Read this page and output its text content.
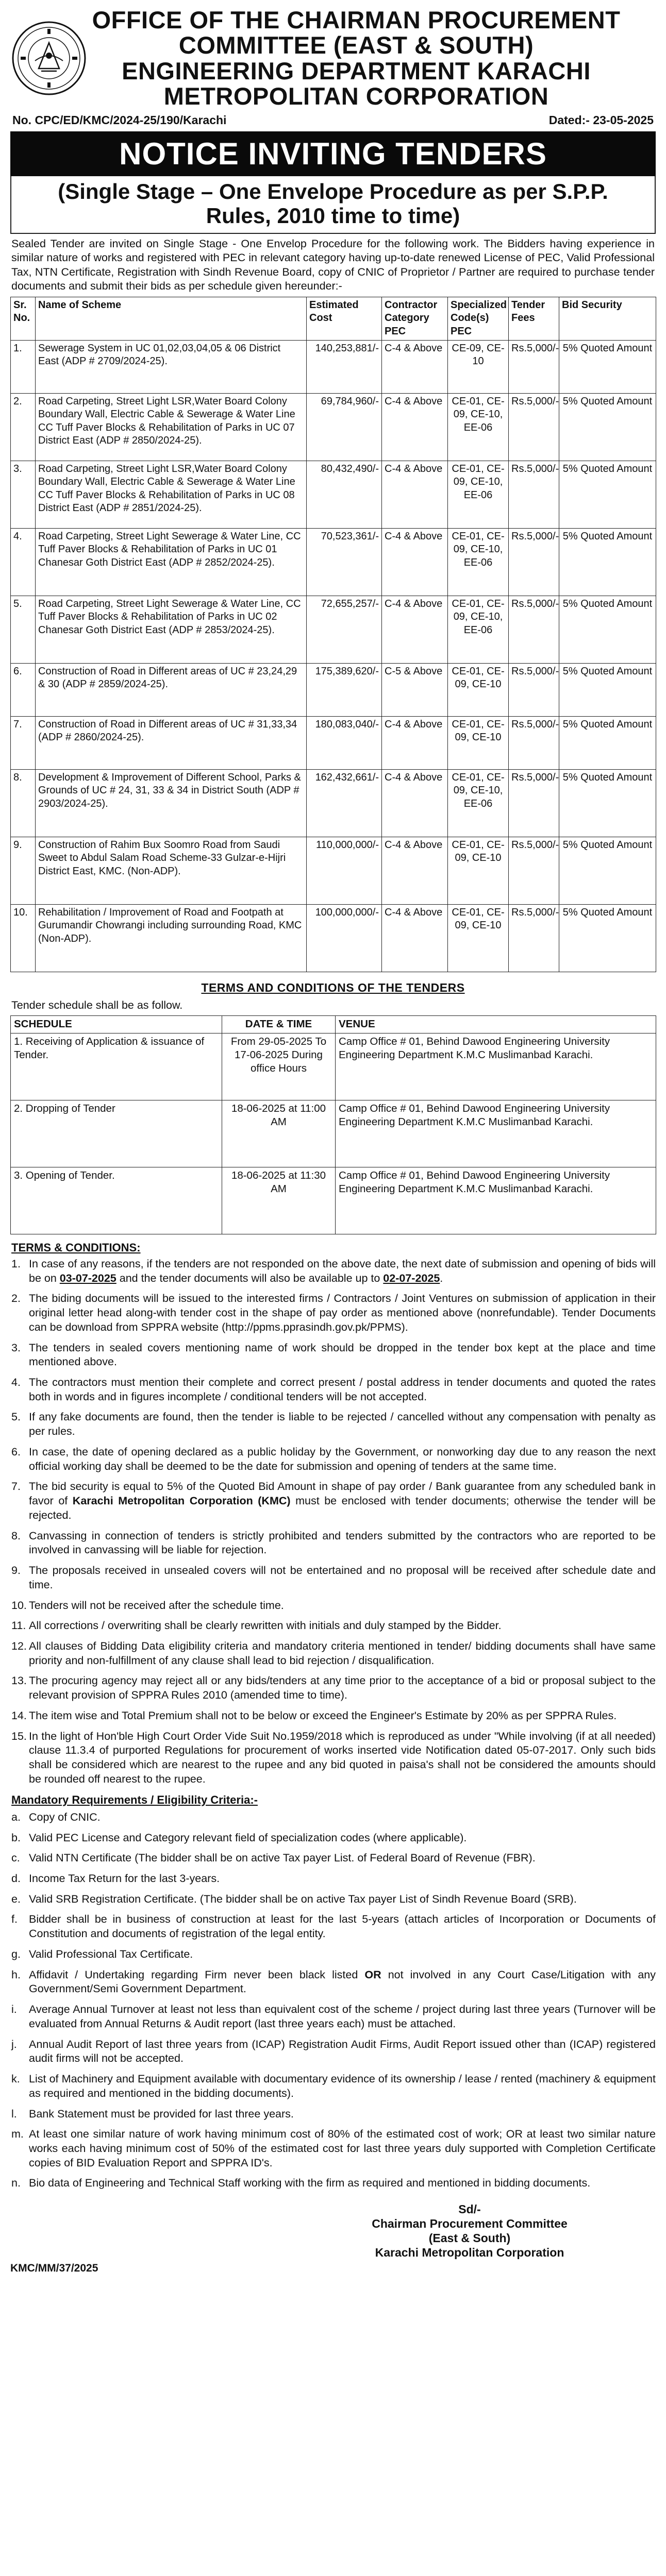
OFFICE OF THE CHAIRMAN PROCUREMENT
COMMITTEE (EAST & SOUTH)
ENGINEERING DEPARTMENT KARACHI
METROPOLITAN CORPORATION
No. CPC/ED/KMC/2024-25/190/Karachi	Dated:- 23-05-2025
NOTICE INVITING TENDERS
(Single Stage – One Envelope Procedure as per S.P.P.
Rules, 2010 time to time)

Sealed Tender are invited on Single Stage - One Envelop Procedure for the following work. The Bidders having experience in similar nature of works and registered with PEC in relevant category having up-to-date renewed License of PEC, Valid Professional Tax, NTN Certificate, Registration with Sindh Revenue Board, copy of CNIC of Proprietor / Partner are required to purchase tender documents and submit their bids as per schedule given hereunder:-

Sr. No.	Name of Scheme	Estimated Cost	Contractor Category PEC	Specialized Code(s) PEC	Tender Fees	Bid Security
1.	Sewerage System in UC 01,02,03,04,05 & 06 District East (ADP # 2709/2024-25).	140,253,881/-	C-4 & Above	CE-09, CE-10	Rs.5,000/-	5% Quoted Amount
2.	Road Carpeting, Street Light LSR,Water Board Colony Boundary Wall, Electric Cable & Sewerage & Water Line CC Tuff Paver Blocks & Rehabilitation of Parks in UC 07 District East (ADP # 2850/2024-25).	69,784,960/-	C-4 & Above	CE-01, CE-09, CE-10, EE-06	Rs.5,000/-	5% Quoted Amount
3.	Road Carpeting, Street Light LSR,Water Board Colony Boundary Wall, Electric Cable & Sewerage & Water Line CC Tuff Paver Blocks & Rehabilitation of Parks in UC 08 District East (ADP # 2851/2024-25).	80,432,490/-	C-4 & Above	CE-01, CE-09, CE-10, EE-06	Rs.5,000/-	5% Quoted Amount
4.	Road Carpeting, Street Light Sewerage & Water Line, CC Tuff Paver Blocks & Rehabilitation of Parks in UC 01 Chanesar Goth District East (ADP # 2852/2024-25).	70,523,361/-	C-4 & Above	CE-01, CE-09, CE-10, EE-06	Rs.5,000/-	5% Quoted Amount
5.	Road Carpeting, Street Light Sewerage & Water Line, CC Tuff Paver Blocks & Rehabilitation of Parks in UC 02 Chanesar Goth District East (ADP # 2853/2024-25).	72,655,257/-	C-4 & Above	CE-01, CE-09, CE-10, EE-06	Rs.5,000/-	5% Quoted Amount
6.	Construction of Road in Different areas of UC # 23,24,29 & 30 (ADP # 2859/2024-25).	175,389,620/-	C-5 & Above	CE-01, CE-09, CE-10	Rs.5,000/-	5% Quoted Amount
7.	Construction of Road in Different areas of UC # 31,33,34 (ADP # 2860/2024-25).	180,083,040/-	C-4 & Above	CE-01, CE-09, CE-10	Rs.5,000/-	5% Quoted Amount
8.	Development & Improvement of Different School, Parks & Grounds of UC # 24, 31, 33 & 34 in District South (ADP # 2903/2024-25).	162,432,661/-	C-4 & Above	CE-01, CE-09, CE-10, EE-06	Rs.5,000/-	5% Quoted Amount
9.	Construction of Rahim Bux Soomro Road from Saudi Sweet to Abdul Salam Road Scheme-33 Gulzar-e-Hijri District East, KMC. (Non-ADP).	110,000,000/-	C-4 & Above	CE-01, CE-09, CE-10	Rs.5,000/-	5% Quoted Amount
10.	Rehabilitation / Improvement of Road and Footpath at Gurumandir Chowrangi including surrounding Road, KMC (Non-ADP).	100,000,000/-	C-4 & Above	CE-01, CE-09, CE-10	Rs.5,000/-	5% Quoted Amount
TERMS AND CONDITIONS OF THE TENDERS
Tender schedule shall be as follow.
SCHEDULE	DATE & TIME	VENUE
1. Receiving of Application & issuance of Tender.	From 29-05-2025 To 17-06-2025 During office Hours	Camp Office # 01, Behind Dawood Engineering University Engineering Department K.M.C Muslimanbad Karachi.
2. Dropping of Tender	18-06-2025 at 11:00 AM	Camp Office # 01, Behind Dawood Engineering University Engineering Department K.M.C Muslimanbad Karachi.
3. Opening of Tender.	18-06-2025 at 11:30 AM	Camp Office # 01, Behind Dawood Engineering University Engineering Department K.M.C Muslimanbad Karachi.
TERMS & CONDITIONS:
1. In case of any reasons, if the tenders are not responded on the above date, the next date of submission and opening of bids will be on 03-07-2025 and the tender documents will also be available up to 02-07-2025.
2. The biding documents will be issued to the interested firms / Contractors / Joint Ventures on submission of application in their original letter head along-with tender cost in the shape of pay order as mentioned above (nonrefundable). Tender Documents can be download from SPPRA website (http://ppms.pprasindh.gov.pk/PPMS).
3. The tenders in sealed covers mentioning name of work should be dropped in the tender box kept at the place and time mentioned above.
4. The contractors must mention their complete and correct present / postal address in tender documents and quoted the rates both in words and in figures incomplete / conditional tenders will be not accepted.
5. If any fake documents are found, then the tender is liable to be rejected / cancelled without any compensation with penalty as per rules.
6. In case, the date of opening declared as a public holiday by the Government, or nonworking day due to any reason the next official working day shall be deemed to be the date for submission and opening of tenders at the same time.
7. The bid security is equal to 5% of the Quoted Bid Amount in shape of pay order / Bank guarantee from any scheduled bank in favor of Karachi Metropolitan Corporation (KMC) must be enclosed with tender documents; otherwise the tender will be rejected.
8. Canvassing in connection of tenders is strictly prohibited and tenders submitted by the contractors who are reported to be involved in canvassing will be liable for rejection.
9. The proposals received in unsealed covers will not be entertained and no proposal will be received after schedule date and time.
10. Tenders will not be received after the schedule time.
11. All corrections / overwriting shall be clearly rewritten with initials and duly stamped by the Bidder.
12. All clauses of Bidding Data eligibility criteria and mandatory criteria mentioned in tender/ bidding documents shall have same priority and non-fulfillment of any clause shall lead to bid rejection / disqualification.
13. The procuring agency may reject all or any bids/tenders at any time prior to the acceptance of a bid or proposal subject to the relevant provision of SPPRA Rules 2010 (amended time to time).
14. The item wise and Total Premium shall not to be below or exceed the Engineer's Estimate by 20% as per SPPRA Rules.
15. In the light of Hon'ble High Court Order Vide Suit No.1959/2018 which is reproduced as under "While involving (if at all needed) clause 11.3.4 of purported Regulations for procurement of works inserted vide Notification dated 05-07-2017. Only such bids shall be considered which are nearest to the rupee and any bid quoted in paisa's shall not be considered the amounts should be rounded off nearest to the rupee.
Mandatory Requirements / Eligibility Criteria:-
a. Copy of CNIC.
b. Valid PEC License and Category relevant field of specialization codes (where applicable).
c. Valid NTN Certificate (The bidder shall be on active Tax payer List. of Federal Board of Revenue (FBR).
d. Income Tax Return for the last 3-years.
e. Valid SRB Registration Certificate. (The bidder shall be on active Tax payer List of Sindh Revenue Board (SRB).
f.	Bidder shall be in business of construction at least for the last 5-years (attach articles of Incorporation or Documents of Constitution and documents of registration of the legal entity.
g. Valid Professional Tax Certificate.
h. Affidavit / Undertaking regarding Firm never been black listed OR not involved in any Court Case/Litigation with any Government/Semi Government Department.
i.	Average Annual Turnover at least not less than equivalent cost of the scheme / project during last three years (Turnover will be evaluated from Annual Returns & Audit report (last three years each) must be attached.
j.	Annual Audit Report of last three years from (ICAP) Registration Audit Firms, Audit Report issued other than (ICAP) registered audit firms will not be accepted.
k. List of Machinery and Equipment available with documentary evidence of its ownership / lease / rented (machinery & equipment as required and mentioned in the bidding documents).
l.	Bank Statement must be provided for last three years.
m. At least one similar nature of work having minimum cost of 80% of the estimated cost of work; OR at least two similar nature works each having minimum cost of 50% of the estimated cost for last three years duly supported with Completion Certificate copies of BID Evaluation Report and SPPRA ID's.
n. Bio data of Engineering and Technical Staff working with the firm as required and mentioned in bidding documents.
Sd/-
Chairman Procurement Committee
(East & South)
Karachi Metropolitan Corporation
KMC/MM/37/2025
